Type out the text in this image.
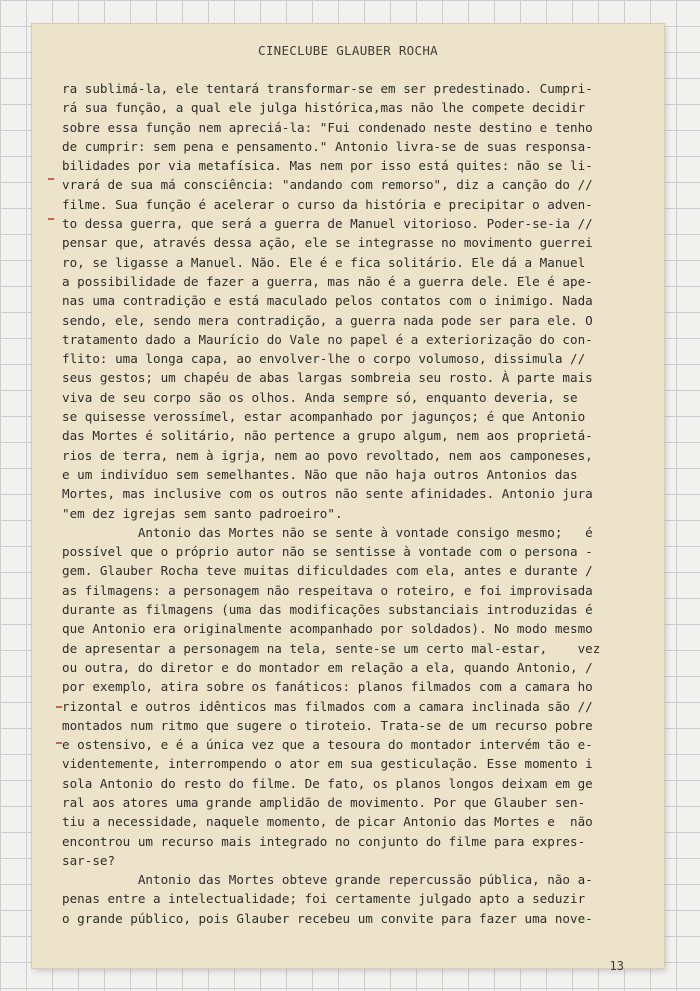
CINECLUBE GLAUBER ROCHA
ra sublimá-la, ele tentará transformar-se em ser predestinado. Cumpri-
rá sua função, a qual ele julga histórica,mas não lhe compete decidir
sobre essa função nem apreciá-la: "Fui condenado neste destino e tenho
de cumprir: sem pena e pensamento." Antonio livra-se de suas responsa-
bilidades por via metafísica. Mas nem por isso está quites: não se li-
vrará de sua má consciência: "andando com remorso", diz a canção do //
filme. Sua função é acelerar o curso da história e precipitar o adven-
to dessa guerra, que será a guerra de Manuel vitorioso. Poder-se-ia //
pensar que, através dessa ação, ele se integrasse no movimento guerrei
ro, se ligasse a Manuel. Não. Ele é e fica solitário. Ele dá a Manuel
a possibilidade de fazer a guerra, mas não é a guerra dele. Ele é ape-
nas uma contradição e está maculado pelos contatos com o inimigo. Nada
sendo, ele, sendo mera contradição, a guerra nada pode ser para ele. O
tratamento dado a Maurício do Vale no papel é a exteriorização do con-
flito: uma longa capa, ao envolver-lhe o corpo volumoso, dissimula //
seus gestos; um chapéu de abas largas sombreia seu rosto. À parte mais
viva de seu corpo são os olhos. Anda sempre só, enquanto deveria, se
se quisesse verossímel, estar acompanhado por jagunços; é que Antonio
das Mortes é solitário, não pertence a grupo algum, nem aos proprietá-
rios de terra, nem à igrja, nem ao povo revoltado, nem aos camponeses,
e um indivíduo sem semelhantes. Não que não haja outros Antonios das
Mortes, mas inclusive com os outros não sente afinidades. Antonio jura
"em dez igrejas sem santo padroeiro".
Antonio das Mortes não se sente à vontade consigo mesmo;   é
possível que o próprio autor não se sentisse à vontade com o persona -
gem. Glauber Rocha teve muitas dificuldades com ela, antes e durante /
as filmagens: a personagem não respeitava o roteiro, e foi improvisada
durante as filmagens (uma das modificações substanciais introduzidas é
que Antonio era originalmente acompanhado por soldados). No modo mesmo
de apresentar a personagem na tela, sente-se um certo mal-estar,    vez
ou outra, do diretor e do montador em relação a ela, quando Antonio, /
por exemplo, atira sobre os fanáticos: planos filmados com a camara ho
rizontal e outros idênticos mas filmados com a camara inclinada são //
montados num ritmo que sugere o tiroteio. Trata-se de um recurso pobre
e ostensivo, e é a única vez que a tesoura do montador intervém tão e-
videntemente, interrompendo o ator em sua gesticulação. Esse momento i
sola Antonio do resto do filme. De fato, os planos longos deixam em ge
ral aos atores uma grande amplidão de movimento. Por que Glauber sen-
tiu a necessidade, naquele momento, de picar Antonio das Mortes e  não
encontrou um recurso mais integrado no conjunto do filme para expres-
sar-se?
Antonio das Mortes obteve grande repercussão pública, não a-
penas entre a intelectualidade; foi certamente julgado apto a seduzir
o grande público, pois Glauber recebeu um convite para fazer uma nove-
13
